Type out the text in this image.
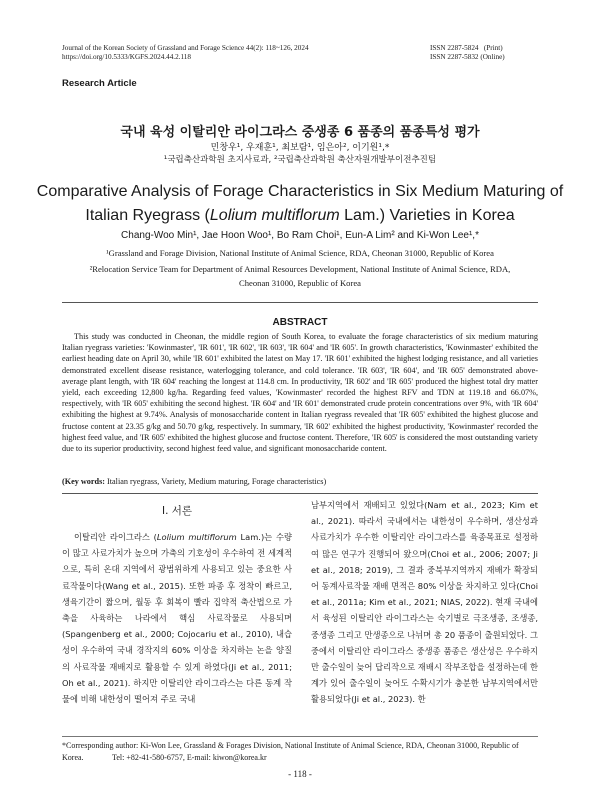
Journal of the Korean Society of Grassland and Forage Science 44(2): 118~126, 2024
https://doi.org/10.5333/KGFS.2024.44.2.118
ISSN 2287-5824   (Print)
ISSN 2287-5832 (Online)
Research Article
국내 육성 이탈리안 라이그라스 중생종 6 품종의 품종특성 평가
민창우¹, 우재훈¹, 최보람¹, 임은아², 이기원¹,*
¹국립축산과학원 초지사료과, ²국립축산과학원 축산자원개발부이전추진팀
Comparative Analysis of Forage Characteristics in Six Medium Maturing of
Italian Ryegrass (Lolium multiflorum Lam.) Varieties in Korea
Chang-Woo Min¹, Jae Hoon Woo¹, Bo Ram Choi¹, Eun-A Lim² and Ki-Won Lee¹,*
¹Grassland and Forage Division, National Institute of Animal Science, RDA, Cheonan 31000, Republic of Korea
²Relocation Service Team for Department of Animal Resources Development, National Institute of Animal Science, RDA,
Cheonan 31000, Republic of Korea
ABSTRACT

This study was conducted in Cheonan, the middle region of South Korea, to evaluate the forage characteristics of six medium maturing Italian ryegrass varieties: 'Kowinmaster', 'IR 601', 'IR 602', 'IR 603', 'IR 604' and 'IR 605'. In growth characteristics, 'Kowinmaster' exhibited the earliest heading date on April 30, while 'IR 601' exhibited the latest on May 17. 'IR 601' exhibited the highest lodging resistance, and all varieties demonstrated excellent disease resistance, waterlogging tolerance, and cold tolerance. 'IR 603', 'IR 604', and 'IR 605' demonstrated above-average plant length, with 'IR 604' reaching the longest at 114.8 cm. In productivity, 'IR 602' and 'IR 605' produced the highest total dry matter yield, each exceeding 12,800 kg/ha. Regarding feed values, 'Kowinmaster' recorded the highest RFV and TDN at 119.18 and 66.07%, respectively, with 'IR 605' exhibiting the second highest. 'IR 604' and 'IR 601' demonstrated crude protein concentrations over 9%, with 'IR 604' exhibiting the highest at 9.74%. Analysis of monosaccharide content in Italian ryegrass revealed that 'IR 605' exhibited the highest glucose and fructose content at 23.35 g/kg and 50.70 g/kg, respectively. In summary, 'IR 602' exhibited the highest productivity, 'Kowinmaster' recorded the highest feed value, and 'IR 605' exhibited the highest glucose and fructose content. Therefore, 'IR 605' is considered the most outstanding variety due to its superior productivity, second highest feed value, and significant monosaccharide content.

(Key words: Italian ryegrass, Variety, Medium maturing, Forage characteristics)
Ⅰ. 서론

이탈리안 라이그라스 (Lolium multiflorum Lam.)는 수량이 많고 사료가치가 높으며 가축의 기호성이 우수하여 전 세계적으로, 특히 온대 지역에서 광범위하게 사용되고 있는 중요한 사료작물이다(Wang et al., 2015). 또한 파종 후 정착이 빠르고, 생육기간이 짧으며, 월동 후 회복이 빨라 집약적 축산법으로 가축을 사육하는 나라에서 핵심 사료작물로 사용되며(Spangenberg et al., 2000; Cojocariu et al., 2010), 내습성이 우수하여 국내 경작지의 60% 이상을 차지하는 논을 양질의 사료작물 재배지로 활용할 수 있게 하였다(Ji et al., 2011; Oh et al., 2021). 하지만 이탈리안 라이그라스는 다른 동계 작물에 비해 내한성이 떨어져 주로 국내

남부지역에서 재배되고 있었다(Nam et al., 2023; Kim et al., 2021). 따라서 국내에서는 내한성이 우수하며, 생산성과 사료가치가 우수한 이탈리안 라이그라스를 육종목표로 설정하여 많은 연구가 진행되어 왔으며(Choi et al., 2006; 2007; Ji et al., 2018; 2019), 그 결과 중북부지역까지 재배가 확장되어 동계사료작물 재배 면적은 80% 이상을 차지하고 있다(Choi et al., 2011a; Kim et al., 2021; NIAS, 2022). 현재 국내에서 육성된 이탈리안 라이그라스는 숙기별로 극조생종, 조생종, 중생종 그리고 만생종으로 나뉘며 총 20 품종이 출원되었다. 그중에서 이탈리안 라이그라스 중생종 품종은 생산성은 우수하지만 출수일이 늦어 답리작으로 재배시 작부조합을 설정하는데 한계가 있어 출수일이 늦어도 수확시기가 충분한 남부지역에서만 활용되었다(Ji et al., 2023). 한

*Corresponding author: Ki-Won Lee, Grassland & Forages Division, National Institute of Animal Science, RDA, Cheonan 31000, Republic of Korea.	Tel: +82-41-580-6757, E-mail: kiwon@korea.kr
- 118 -
